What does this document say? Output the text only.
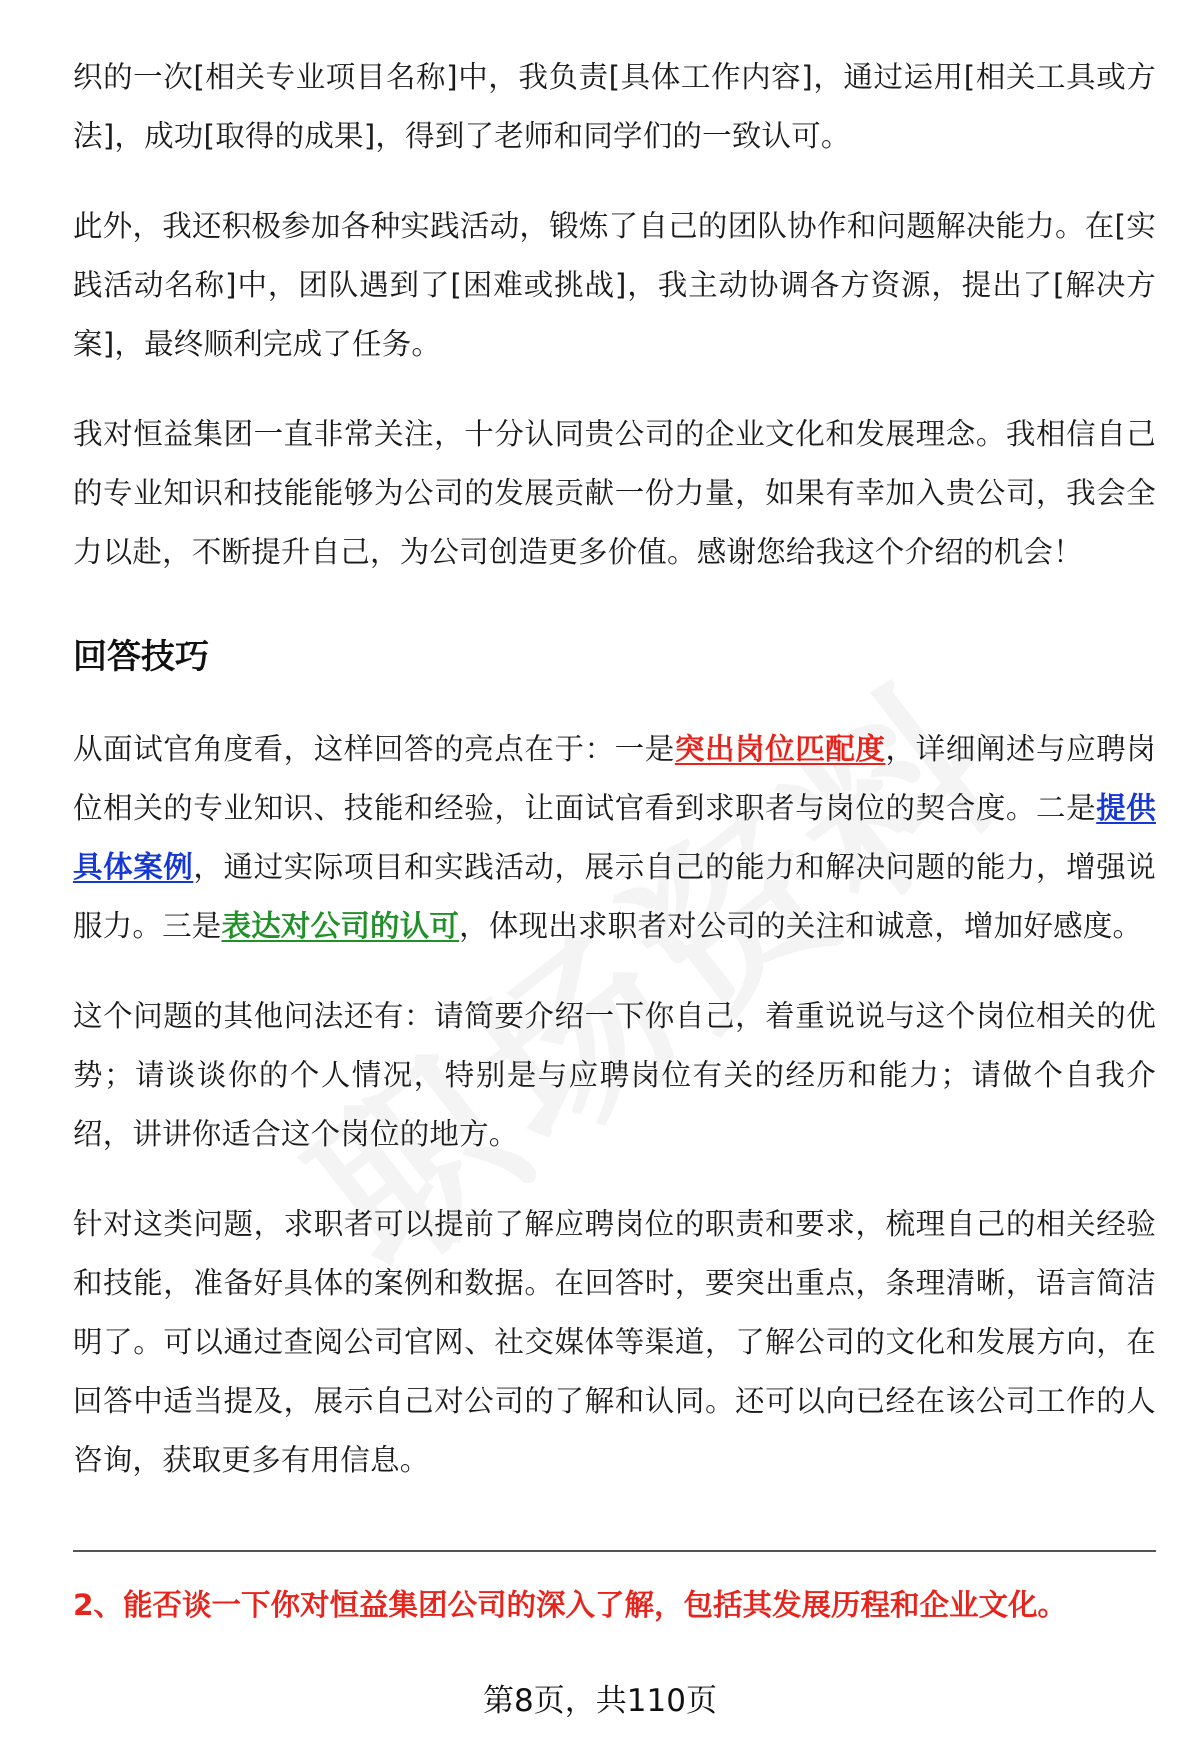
织的一次[相关专业项目名称]中，我负责[具体工作内容]，通过运用[相关工具或方法]，成功[取得的成果]，得到了老师和同学们的一致认可。

此外，我还积极参加各种实践活动，锻炼了自己的团队协作和问题解决能力。在[实践活动名称]中，团队遇到了[困难或挑战]，我主动协调各方资源，提出了[解决方案]，最终顺利完成了任务。

我对恒益集团一直非常关注，十分认同贵公司的企业文化和发展理念。我相信自己的专业知识和技能能够为公司的发展贡献一份力量，如果有幸加入贵公司，我会全力以赴，不断提升自己，为公司创造更多价值。感谢您给我这个介绍的机会！

回答技巧

从面试官角度看，这样回答的亮点在于：一是突出岗位匹配度，详细阐述与应聘岗位相关的专业知识、技能和经验，让面试官看到求职者与岗位的契合度。二是提供具体案例，通过实际项目和实践活动，展示自己的能力和解决问题的能力，增强说服力。三是表达对公司的认可，体现出求职者对公司的关注和诚意，增加好感度。

这个问题的其他问法还有：请简要介绍一下你自己，着重说说与这个岗位相关的优势；请谈谈你的个人情况，特别是与应聘岗位有关的经历和能力；请做个自我介绍，讲讲你适合这个岗位的地方。

针对这类问题，求职者可以提前了解应聘岗位的职责和要求，梳理自己的相关经验和技能，准备好具体的案例和数据。在回答时，要突出重点，条理清晰，语言简洁明了。可以通过查阅公司官网、社交媒体等渠道，了解公司的文化和发展方向，在回答中适当提及，展示自己对公司的了解和认同。还可以向已经在该公司工作的人咨询，获取更多有用信息。

2、能否谈一下你对恒益集团公司的深入了解，包括其发展历程和企业文化。
第8页，共110页
